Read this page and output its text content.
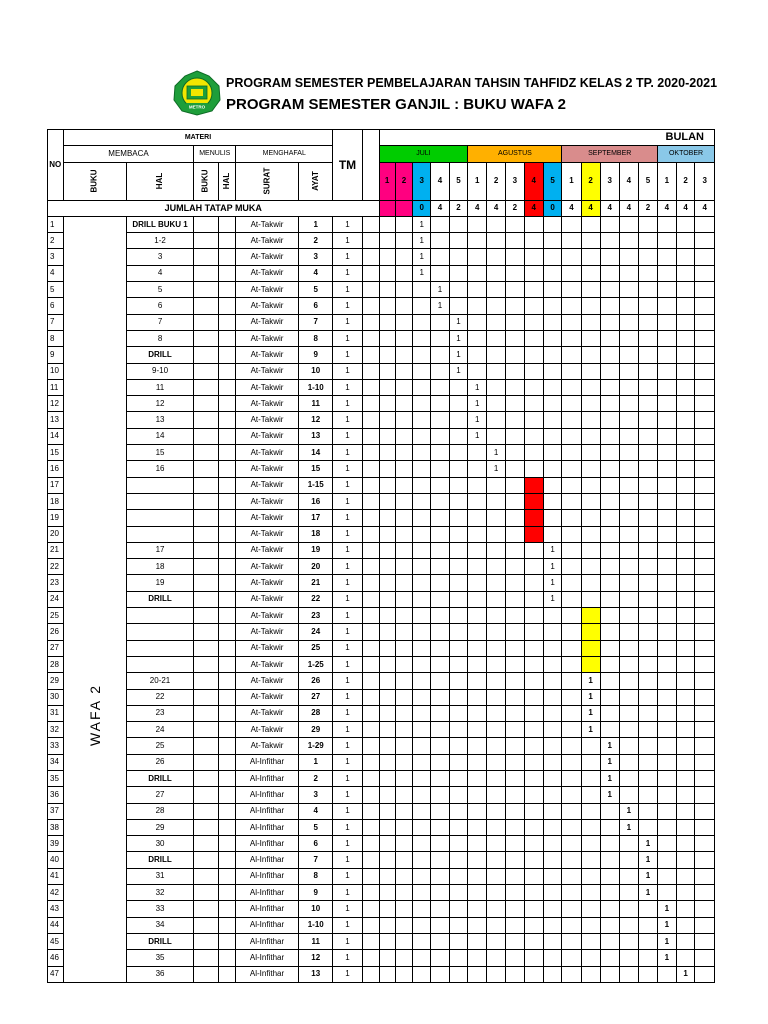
METRO
PROGRAM SEMESTER PEMBELAJARAN TAHSIN TAHFIDZ KELAS 2 TP. 2020-2021
PROGRAM SEMESTER GANJIL : BUKU WAFA 2
NO	MATERI						TM		BULAN																	
	MEMBACA		MENULIS		MENGHAFAL				JULI					AGUSTUS					SEPTEMBER					OKTOBER		
	BUKU	HAL	BUKU	HAL	SURAT	AYAT			1	2	3	4	5	1	2	3	4	5	1	2	3	4	5	1	2	3
JUMLAH TATAP MUKA											0	4	2	4	4	2	4	0	4	4	4	4	2	4	4	4
1	WAFA 2	DRILL BUKU 1			At-Takwir	1	1				1															
2		1-2			At-Takwir	2	1				1															
3		3			At-Takwir	3	1				1															
4		4			At-Takwir	4	1				1															
5		5			At-Takwir	5	1					1														
6		6			At-Takwir	6	1					1														
7		7			At-Takwir	7	1						1													
8		8			At-Takwir	8	1						1													
9		DRILL			At-Takwir	9	1						1													
10		9-10			At-Takwir	10	1						1													
11		11			At-Takwir	1-10	1							1												
12		12			At-Takwir	11	1							1												
13		13			At-Takwir	12	1							1												
14		14			At-Takwir	13	1							1												
15		15			At-Takwir	14	1								1											
16		16			At-Takwir	15	1								1											
17					At-Takwir	1-15	1																			
18					At-Takwir	16	1																			
19					At-Takwir	17	1																			
20					At-Takwir	18	1																			
21		17			At-Takwir	19	1											1								
22		18			At-Takwir	20	1											1								
23		19			At-Takwir	21	1											1								
24		DRILL			At-Takwir	22	1											1								
25					At-Takwir	23	1																			
26					At-Takwir	24	1																			
27					At-Takwir	25	1																			
28					At-Takwir	1-25	1																			
29		20-21			At-Takwir	26	1													1						
30		22			At-Takwir	27	1													1						
31		23			At-Takwir	28	1													1						
32		24			At-Takwir	29	1													1						
33		25			At-Takwir	1-29	1														1					
34		26			Al-Infithar	1	1														1					
35		DRILL			Al-Infithar	2	1														1					
36		27			Al-Infithar	3	1														1					
37		28			Al-Infithar	4	1															1				
38		29			Al-Infithar	5	1															1				
39		30			Al-Infithar	6	1																1			
40		DRILL			Al-Infithar	7	1																1			
41		31			Al-Infithar	8	1																1			
42		32			Al-Infithar	9	1																1			
43		33			Al-Infithar	10	1																	1		
44		34			Al-Infithar	1-10	1																	1		
45		DRILL			Al-Infithar	11	1																	1		
46		35			Al-Infithar	12	1																	1		
47		36			Al-Infithar	13	1																		1	
